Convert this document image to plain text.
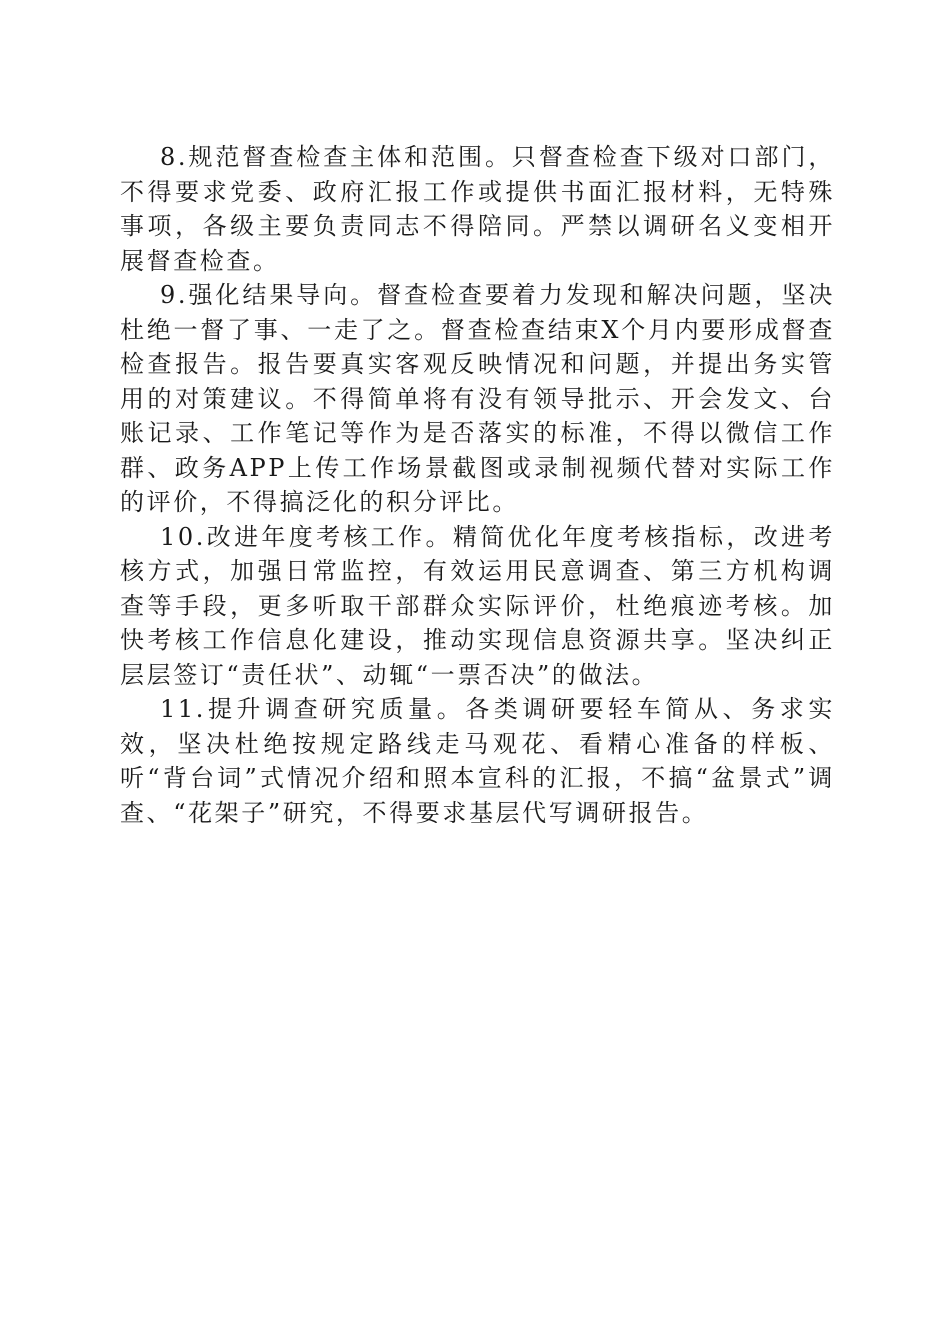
8.规范督查检查主体和范围。只督查检查下级对口部门，不得要求党委、政府汇报工作或提供书面汇报材料，无特殊事项，各级主要负责同志不得陪同。严禁以调研名义变相开展督查检查。

9.强化结果导向。督查检查要着力发现和解决问题，坚决杜绝一督了事、一走了之。督查检查结束X个月内要形成督查检查报告。报告要真实客观反映情况和问题，并提出务实管用的对策建议。不得简单将有没有领导批示、开会发文、台账记录、工作笔记等作为是否落实的标准，不得以微信工作群、政务APP上传工作场景截图或录制视频代替对实际工作的评价，不得搞泛化的积分评比。

10.改进年度考核工作。精简优化年度考核指标，改进考核方式，加强日常监控，有效运用民意调查、第三方机构调查等手段，更多听取干部群众实际评价，杜绝痕迹考核。加快考核工作信息化建设，推动实现信息资源共享。坚决纠正层层签订“责任状”、动辄“一票否决”的做法。

11.提升调查研究质量。各类调研要轻车简从、务求实效，坚决杜绝按规定路线走马观花、看精心准备的样板、听“背台词”式情况介绍和照本宣科的汇报，不搞“盆景式”调查、“花架子”研究，不得要求基层代写调研报告。
